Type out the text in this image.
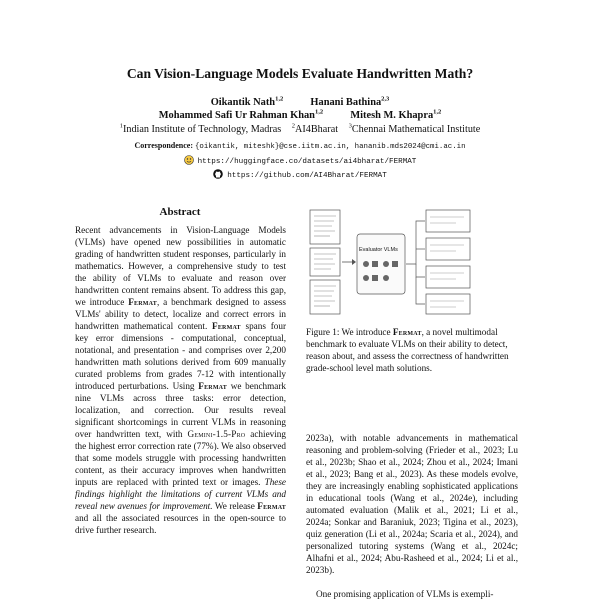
Can Vision-Language Models Evaluate Handwritten Math?
Oikantik Nath$^{1,2}$	Hanani Bathina$^{2,3}$
Mohammed Safi Ur Rahman Khan$^{1,2}$	Mitesh M. Khapra$^{1,2}$
$^1$Indian Institute of Technology, Madras $^2$AI4Bharat $^3$Chennai Mathematical Institute
Correspondence: {oikantik, miteshk}@cse.iitm.ac.in, hananib.mds2024@cmi.ac.in
https://huggingface.co/datasets/ai4bharat/FERMAT
https://github.com/AI4Bharat/FERMAT
Abstract

Recent advancements in Vision-Language Models (VLMs) have opened new possibilities in automatic grading of handwritten student responses, particularly in mathematics. However, a comprehensive study to test the ability of VLMs to evaluate and reason over handwritten content remains absent. To address this gap, we introduce Fermat, a benchmark designed to assess VLMs' ability to detect, localize and correct errors in handwritten mathematical content. Fermat spans four key error dimensions - computational, conceptual, notational, and presentation - and comprises over 2,200 handwritten math solutions derived from 609 manually curated problems from grades 7-12 with intentionally introduced perturbations. Using Fermat we benchmark nine VLMs across three tasks: error detection, localization, and correction. Our results reveal significant shortcomings in current VLMs in reasoning over handwritten text, with Gemini-1.5-Pro achieving the highest error correction rate (77%). We also observed that some models struggle with processing handwritten content, as their accuracy improves when handwritten inputs are replaced with printed text or images. These findings highlight the limitations of current VLMs and reveal new avenues for improvement. We release Fermat and all the associated resources in the open-source to drive further research.

Evaluator VLMs
Figure 1: We introduce Fermat, a novel multimodal benchmark to evaluate VLMs on their ability to detect, reason about, and assess the correctness of handwritten grade-school level math solutions.

2023a), with notable advancements in mathematical reasoning and problem-solving (Frieder et al., 2023; Lu et al., 2023b; Shao et al., 2024; Zhou et al., 2024; Imani et al., 2023; Bang et al., 2023). As these models evolve, they are increasingly enabling sophisticated applications in educational tools (Wang et al., 2024e), including automated evaluation (Malik et al., 2021; Li et al., 2024a; Sonkar and Baraniuk, 2023; Tigina et al., 2023), quiz generation (Li et al., 2024a; Scaria et al., 2024), and personalized tutoring systems (Wang et al., 2024c; Alhafni et al., 2024; Abu-Rasheed et al., 2024; Li et al., 2023b).

One promising application of VLMs is exempli-
